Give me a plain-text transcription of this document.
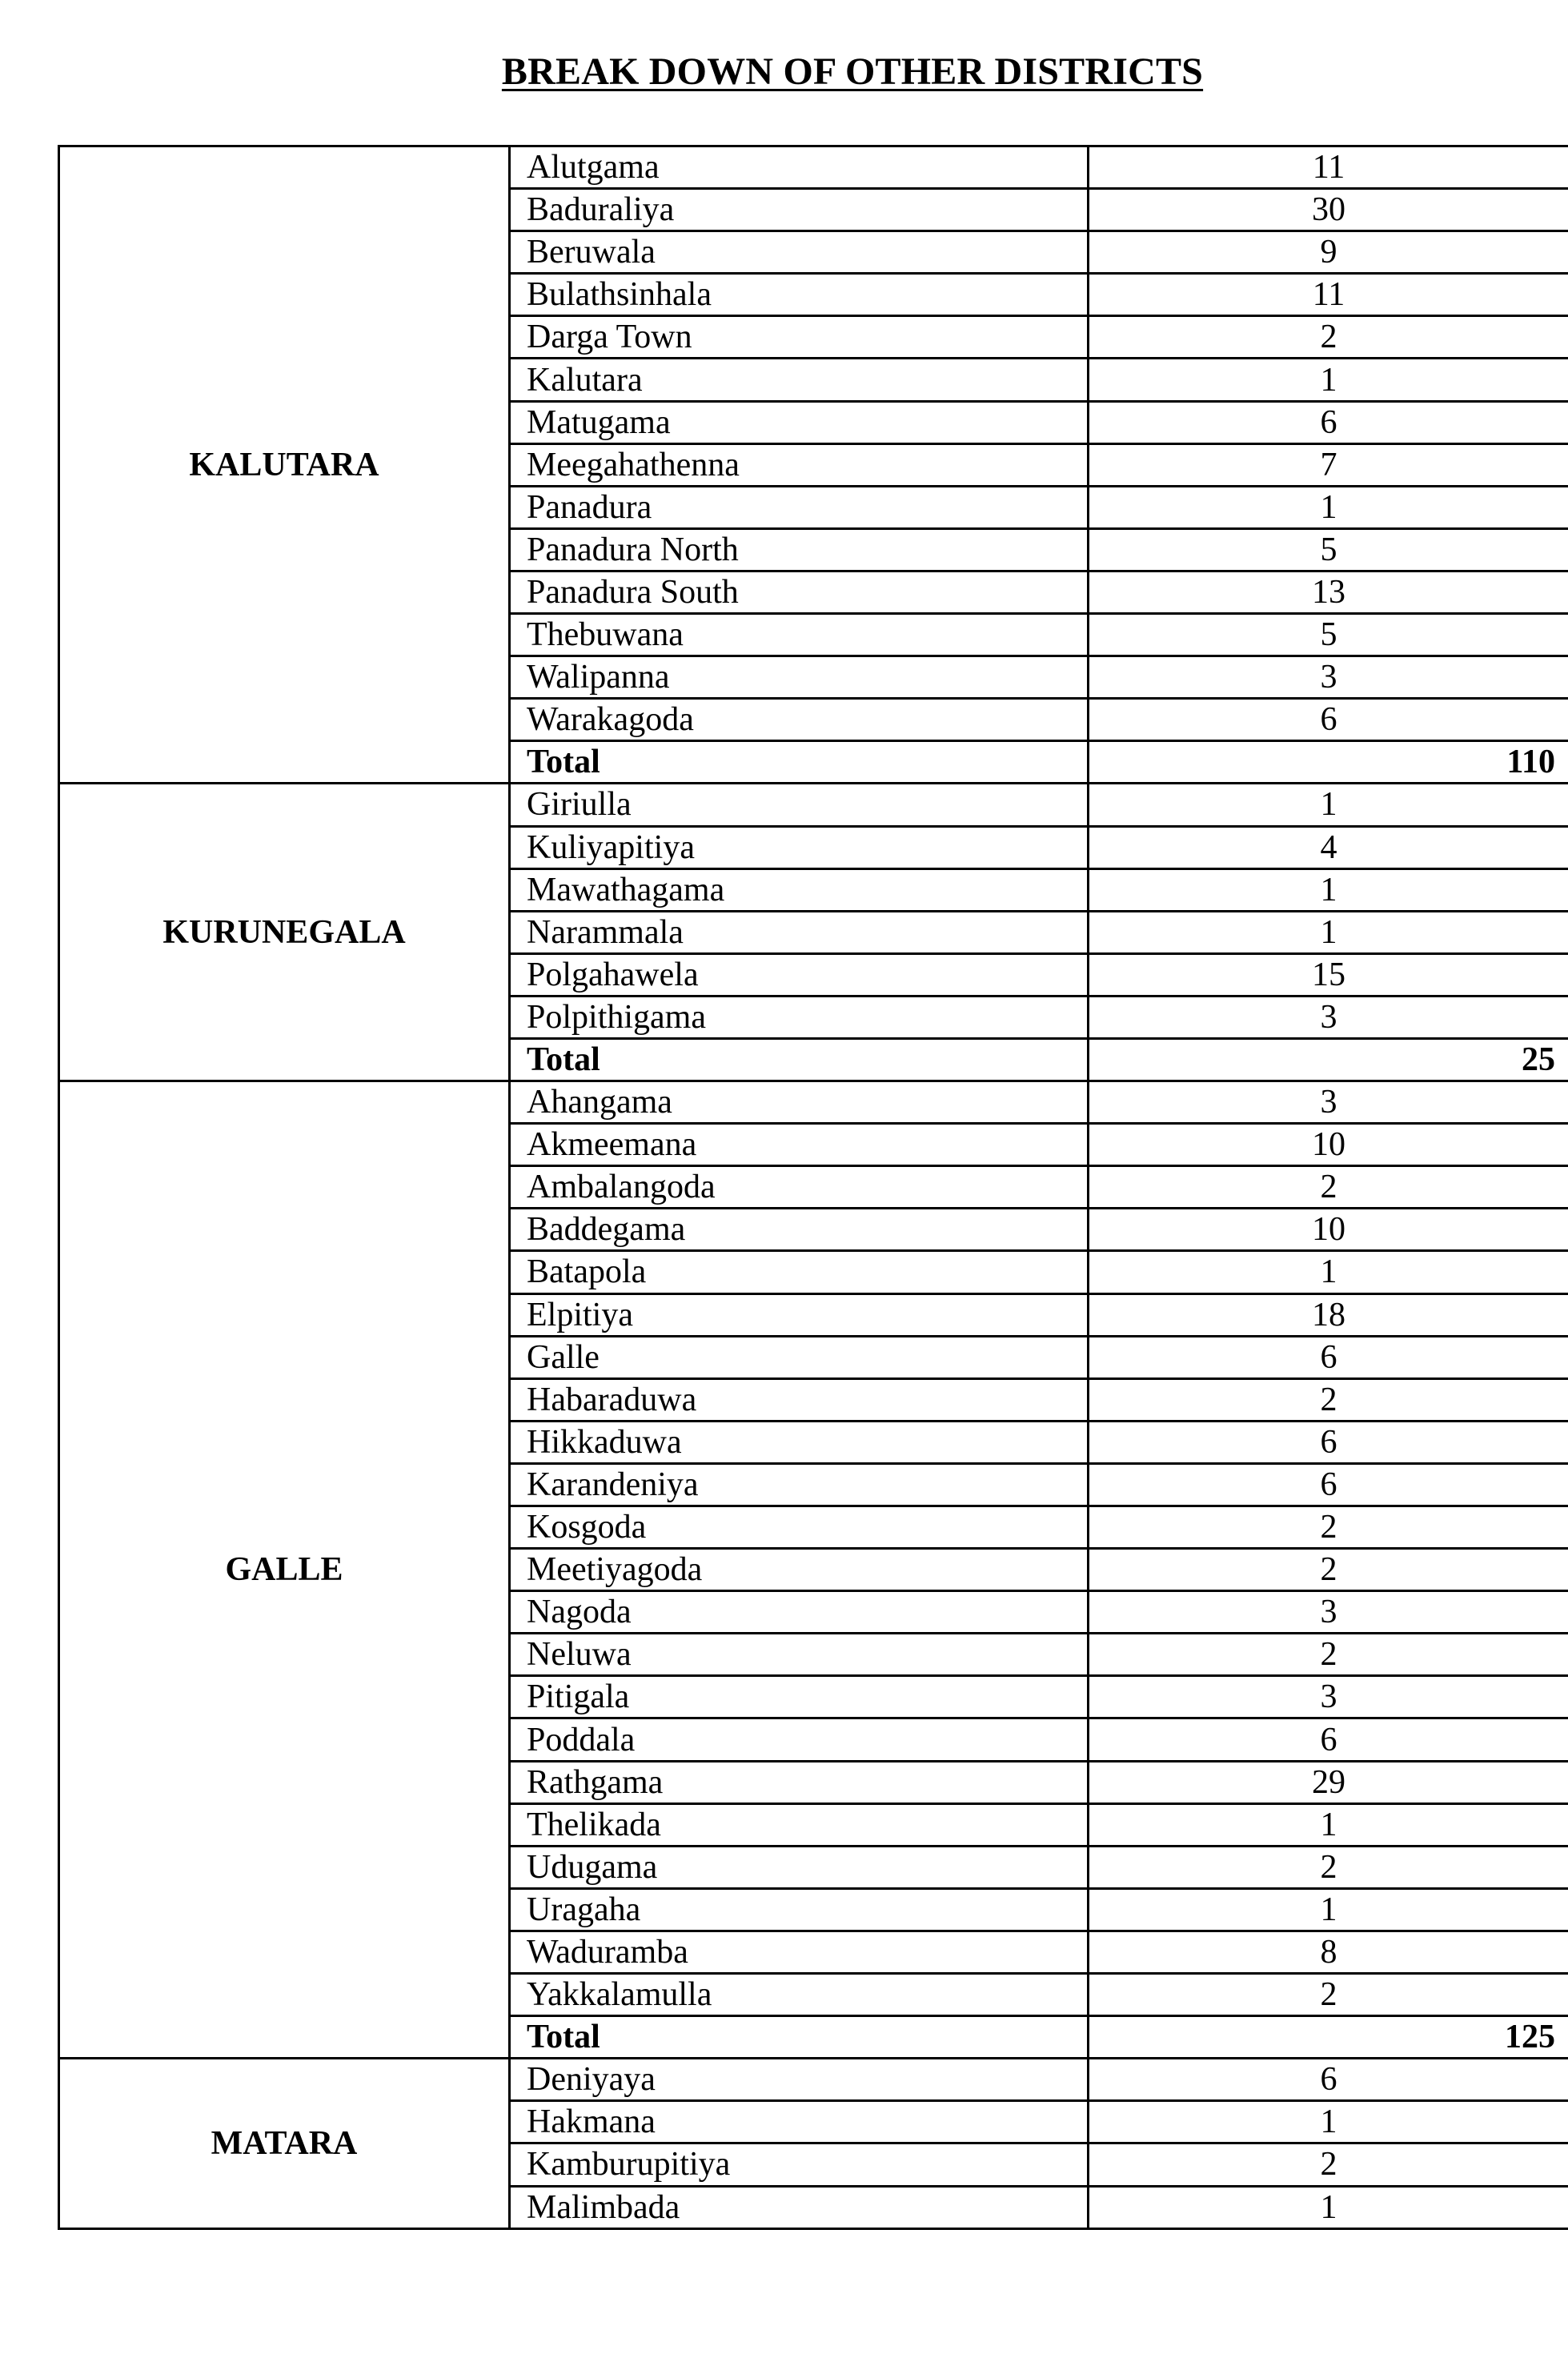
BREAK DOWN OF OTHER DISTRICTS
KALUTARA	Alutgama	11
	Baduraliya	30
	Beruwala	9
	Bulathsinhala	11
	Darga Town	2
	Kalutara	1
	Matugama	6
	Meegahathenna	7
	Panadura	1
	Panadura North	5
	Panadura South	13
	Thebuwana	5
	Walipanna	3
	Warakagoda	6
	Total	110
KURUNEGALA	Giriulla	1
	Kuliyapitiya	4
	Mawathagama	1
	Narammala	1
	Polgahawela	15
	Polpithigama	3
	Total	25
GALLE	Ahangama	3
	Akmeemana	10
	Ambalangoda	2
	Baddegama	10
	Batapola	1
	Elpitiya	18
	Galle	6
	Habaraduwa	2
	Hikkaduwa	6
	Karandeniya	6
	Kosgoda	2
	Meetiyagoda	2
	Nagoda	3
	Neluwa	2
	Pitigala	3
	Poddala	6
	Rathgama	29
	Thelikada	1
	Udugama	2
	Uragaha	1
	Waduramba	8
	Yakkalamulla	2
	Total	125
MATARA	Deniyaya	6
	Hakmana	1
	Kamburupitiya	2
	Malimbada	1
